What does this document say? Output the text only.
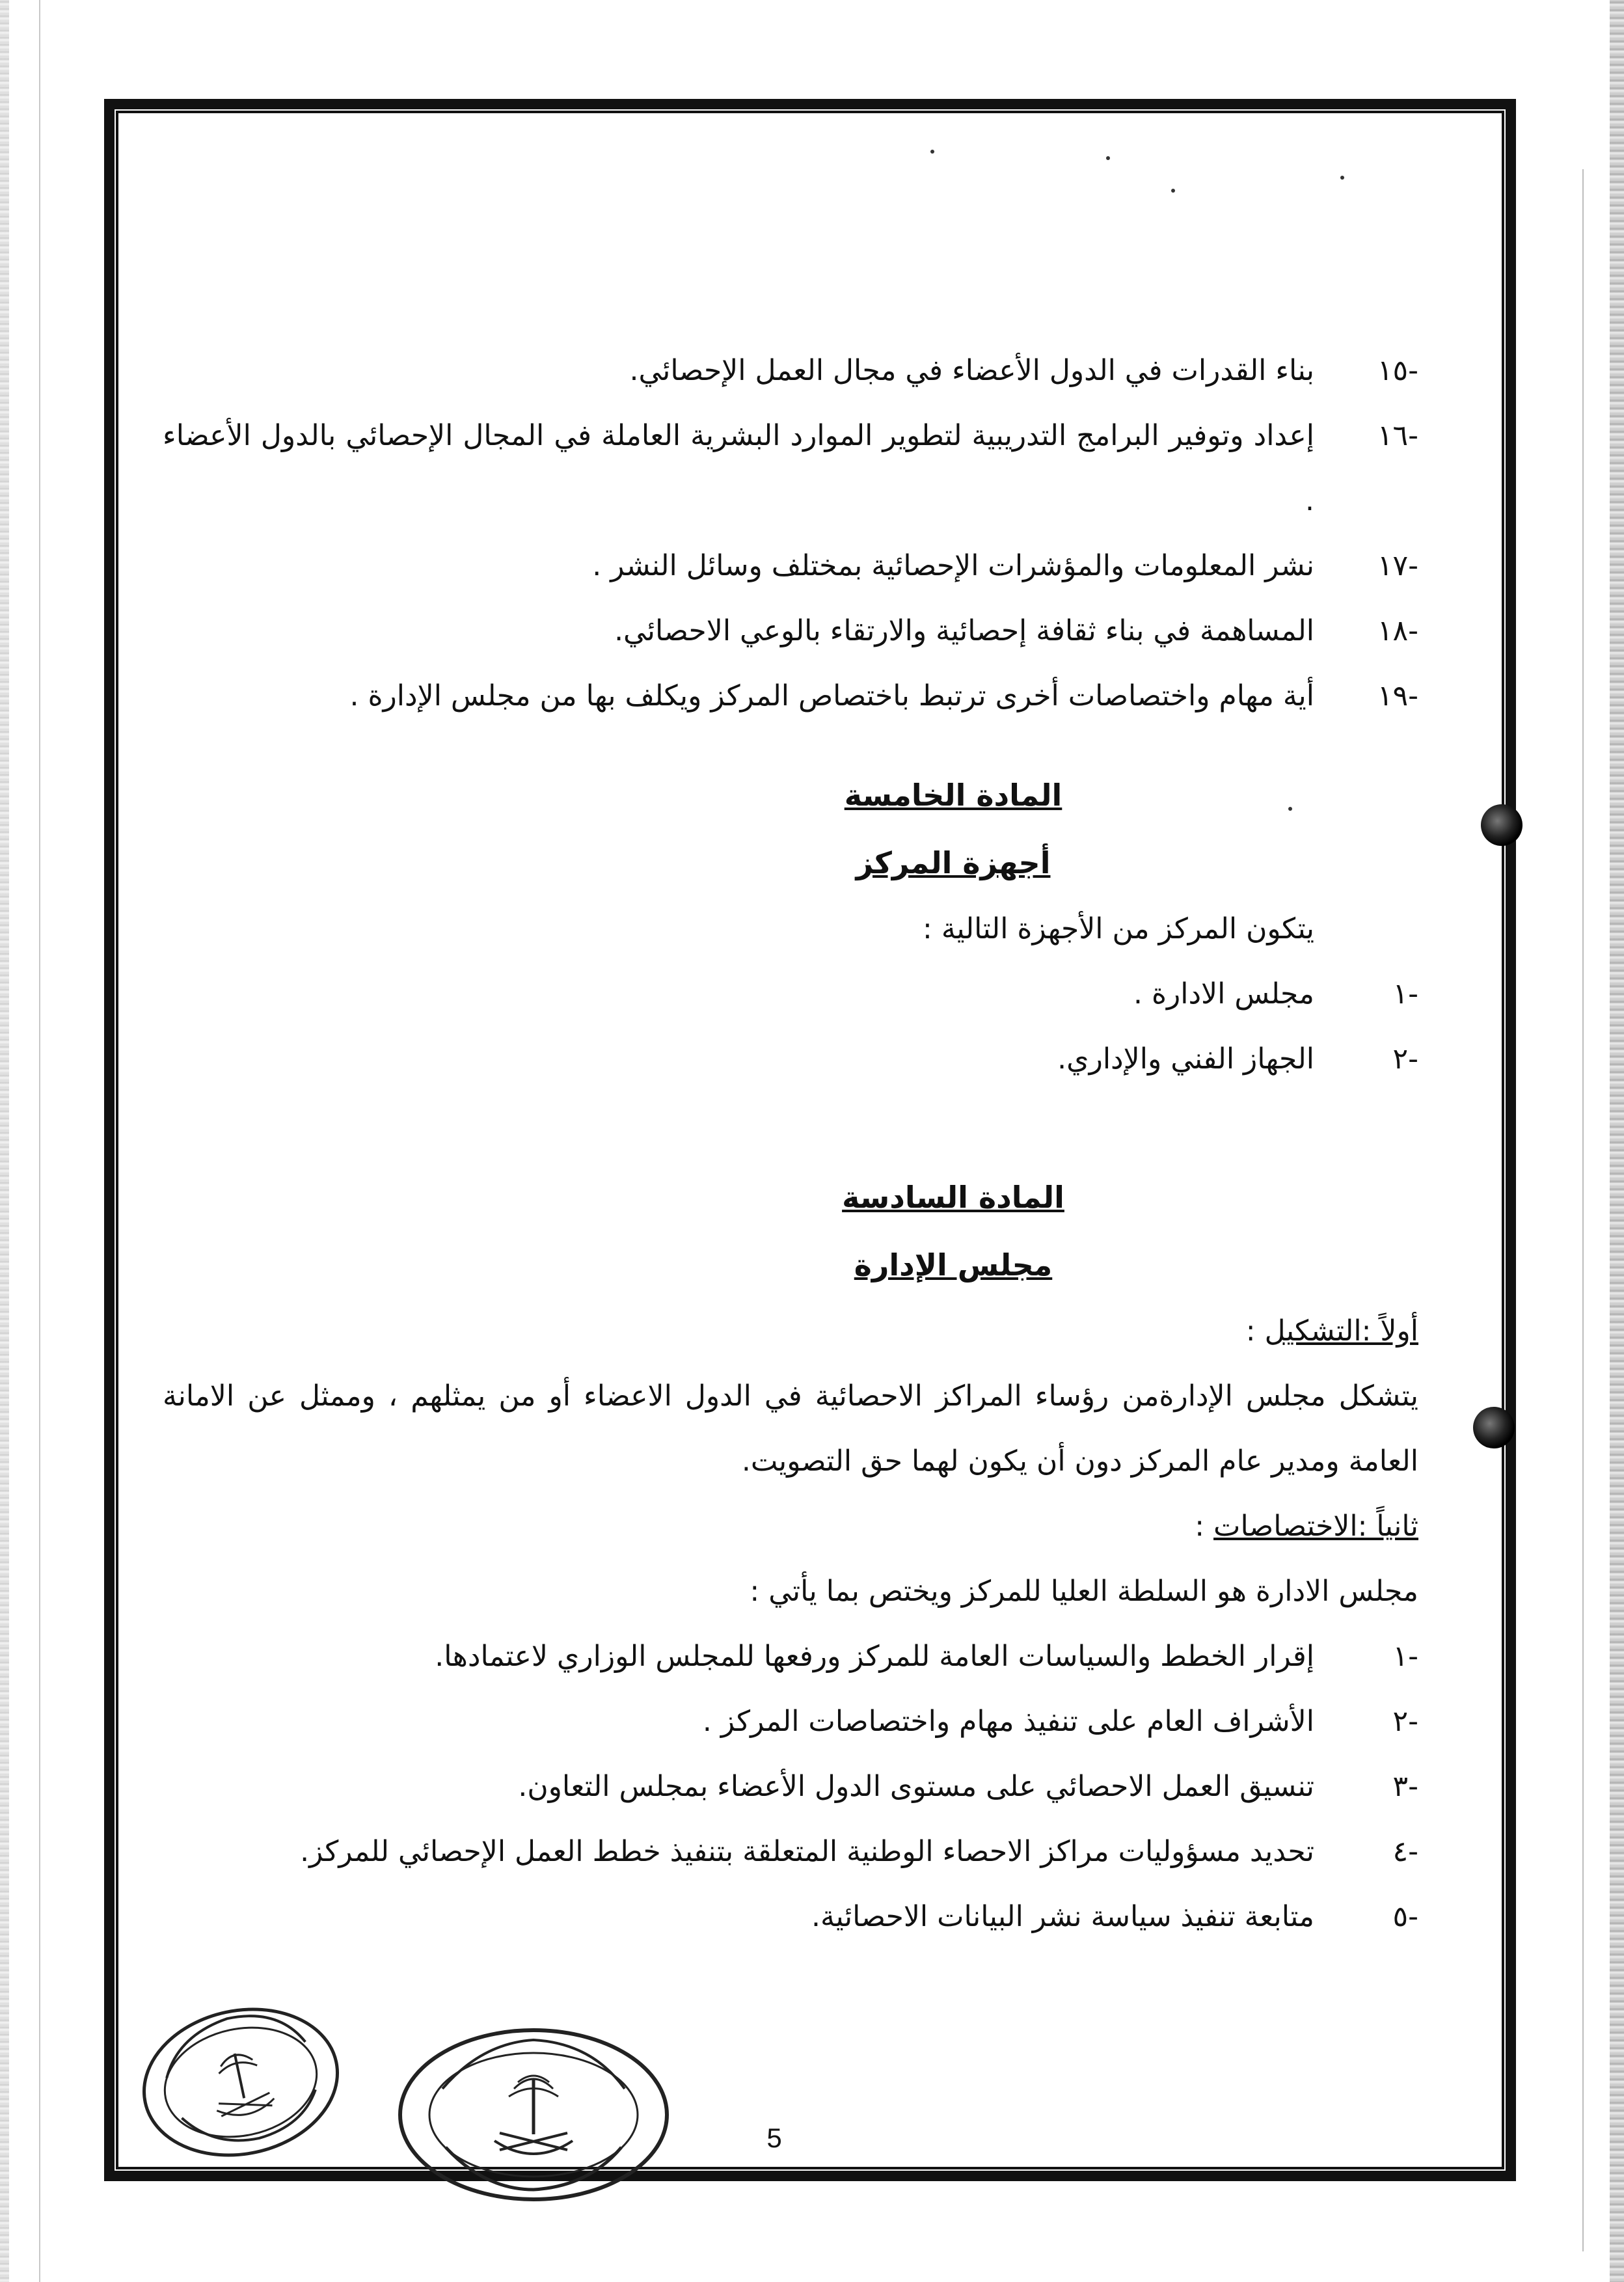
-١٥
بناء القدرات في الدول الأعضاء في مجال العمل الإحصائي.
-١٦
إعداد وتوفير البرامج التدريبية لتطوير الموارد البشرية العاملة في المجال الإحصائي بالدول الأعضاء .
-١٧
نشر المعلومات والمؤشرات الإحصائية بمختلف وسائل النشر .
-١٨
المساهمة في بناء ثقافة إحصائية والارتقاء بالوعي الاحصائي.
-١٩
أية مهام واختصاصات أخرى ترتبط باختصاص المركز ويكلف بها من مجلس الإدارة .
المادة الخامسة
أجهزة المركز
يتكون المركز من الأجهزة التالية :
-١
مجلس الادارة .
-٢
الجهاز الفني والإداري.
المادة السادسة
مجلس الإدارة
أولاً :التشكيل :
يتشكل مجلس الإدارةمن رؤساء المراكز الاحصائية في الدول الاعضاء أو من يمثلهم ، وممثل عن الامانة العامة ومدير عام المركز دون أن يكون لهما حق التصويت.
ثانياً :الاختصاصات :
مجلس الادارة هو السلطة العليا للمركز ويختص بما يأتي :
-١
إقرار الخطط والسياسات العامة للمركز ورفعها للمجلس الوزاري لاعتمادها.
-٢
الأشراف العام على تنفيذ مهام واختصاصات المركز .
-٣
تنسيق العمل الاحصائي على مستوى الدول الأعضاء بمجلس التعاون.
-٤
تحديد مسؤوليات مراكز الاحصاء الوطنية المتعلقة بتنفيذ خطط العمل الإحصائي للمركز.
-٥
متابعة تنفيذ سياسة نشر البيانات الاحصائية.
5
